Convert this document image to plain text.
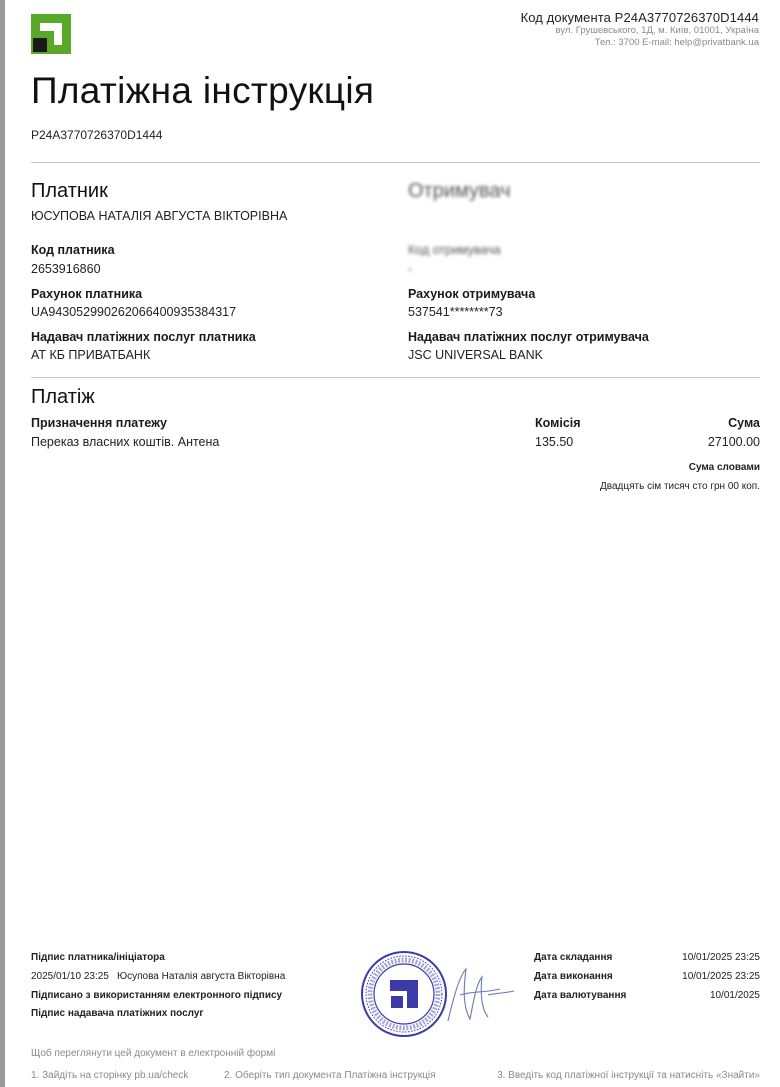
Код документа P24A3770726370D1444
вул. Грушевського, 1Д, м. Київ, 01001, Україна
Тел.: 3700 E-mail: help@privatbank.ua
Платіжна інструкція
P24A3770726370D1444
Платник
ЮСУПОВА НАТАЛІЯ АВГУСТА ВІКТОРІВНА
Код платника
2653916860
Рахунок платника
UA943052990262066400935384317
Надавач платіжних послуг платника
АТ КБ ПРИВАТБАНК
Отримувач
Код отримувача
-
Рахунок отримувача
537541********73
Надавач платіжних послуг отримувача
JSC UNIVERSAL BANK
Платіж
Призначення платежу
Переказ власних коштів. Антена
Комісія
135.50
Сума
27100.00
Сума словами
Двадцять сім тисяч сто грн 00 коп.
Підпис платника/ініціатора
2025/01/10 23:25 Юсупова Наталія августа Вікторівна
Підписано з використанням електронного підпису
Підпис надавача платіжних послуг
Дата складання	10/01/2025 23:25
Дата виконання	10/01/2025 23:25
Дата валютування	10/01/2025
Щоб переглянути цей документ в електронній формі
1. Зайдіть на сторінку pb.ua/check	2. Оберіть тип документа Платіжна інструкція	3. Введіть код платіжної інструкції та натисніть «Знайти»
